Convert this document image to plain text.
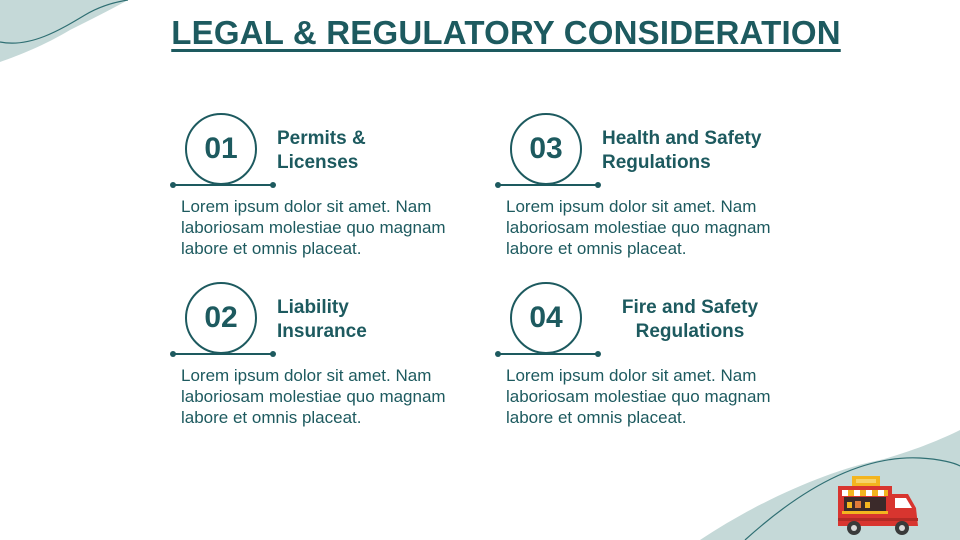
LEGAL & REGULATORY CONSIDERATION
01	Permits &
Licenses
Lorem ipsum dolor sit amet. Nam laboriosam molestiae quo magnam labore et omnis placeat.
02	Liability
Insurance
Lorem ipsum dolor sit amet. Nam laboriosam molestiae quo magnam labore et omnis placeat.
03	Health and Safety
Regulations
Lorem ipsum dolor sit amet. Nam laboriosam molestiae quo magnam labore et omnis placeat.
04	Fire and Safety
Regulations
Lorem ipsum dolor sit amet. Nam laboriosam molestiae quo magnam labore et omnis placeat.
